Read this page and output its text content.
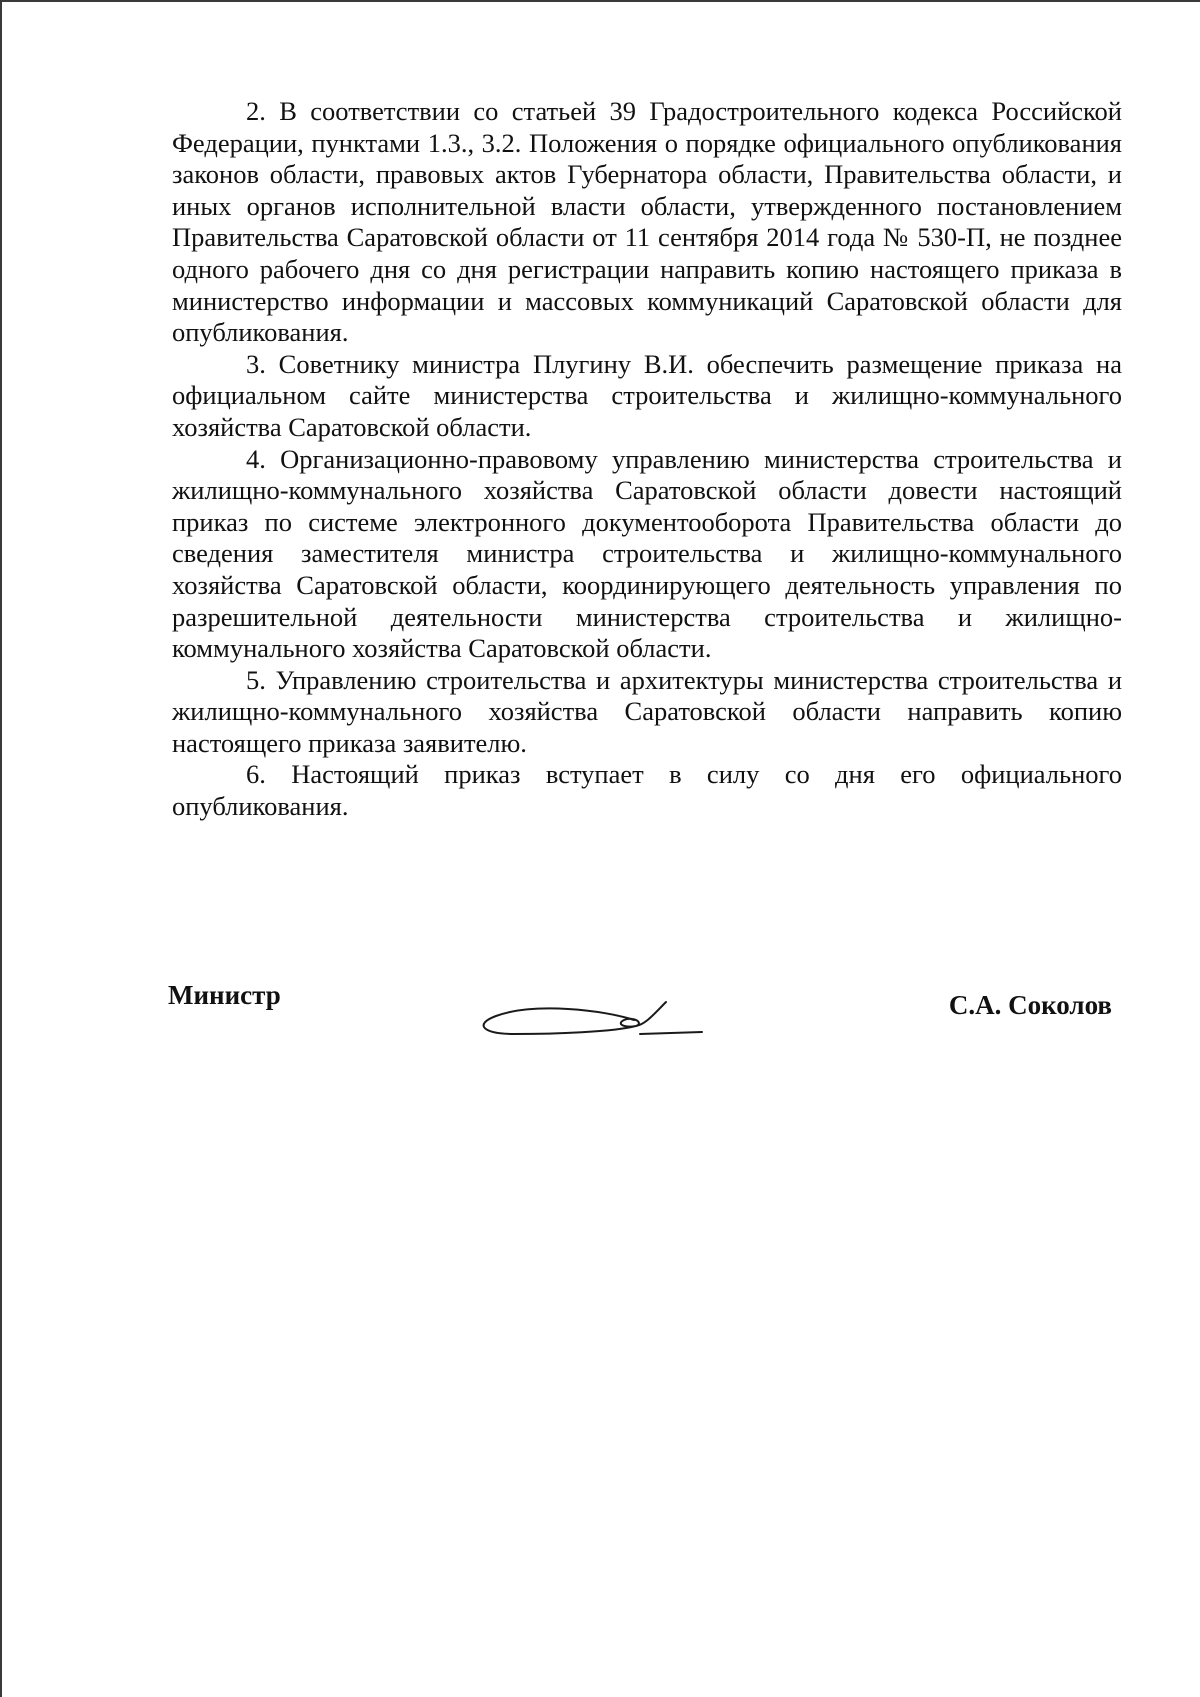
2. В соответствии со статьей 39 Градостроительного кодекса Российской Федерации, пунктами 1.3., 3.2. Положения о порядке официального опубликования законов области, правовых актов Губернатора области, Правительства области, и иных органов исполнительной власти области, утвержденного постановлением Правительства Саратовской области от 11 сентября 2014 года № 530-П, не позднее одного рабочего дня со дня регистрации направить копию настоящего приказа в министерство информации и массовых коммуникаций Саратовской области для опубликования.

3. Советнику министра Плугину В.И. обеспечить размещение приказа на официальном сайте министерства строительства и жилищно-коммунального хозяйства Саратовской области.

4. Организационно-правовому управлению министерства строительства и жилищно-коммунального хозяйства Саратовской области довести настоящий приказ по системе электронного документооборота Правительства области до сведения заместителя министра строительства и жилищно-коммунального хозяйства Саратовской области, координирующего деятельность управления по разрешительной деятельности министерства строительства и жилищно-коммунального хозяйства Саратовской области.

5. Управлению строительства и архитектуры министерства строительства и жилищно-коммунального хозяйства Саратовской области направить копию настоящего приказа заявителю.

6. Настоящий приказ вступает в силу со дня его официального опубликования.

Министр	С.А. Соколов
